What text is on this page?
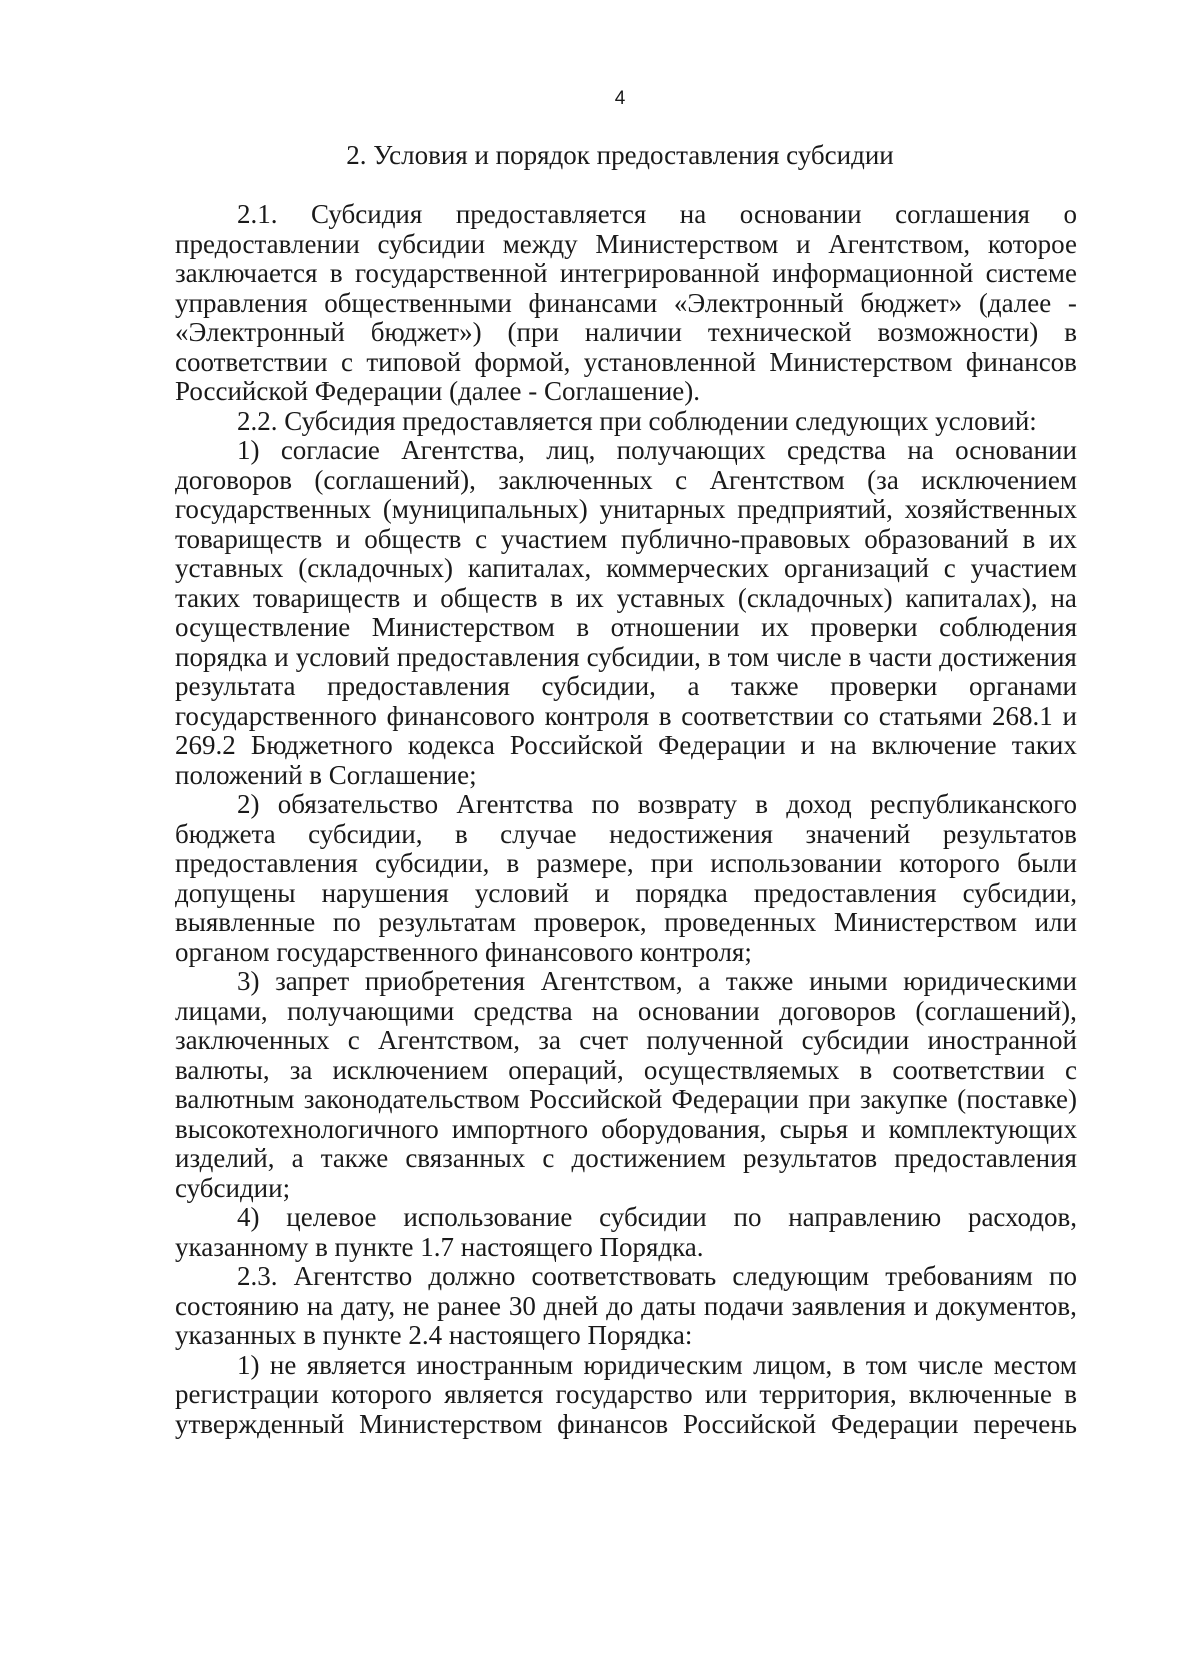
4
2. Условия и порядок предоставления субсидии
2.1. Субсидия предоставляется на основании соглашения о
предоставлении субсидии между Министерством и Агентством, которое
заключается в государственной интегрированной информационной системе
управления общественными финансами «Электронный бюджет» (далее -
«Электронный бюджет») (при наличии технической возможности) в
соответствии с типовой формой, установленной Министерством финансов
Российской Федерации (далее - Соглашение).
2.2. Субсидия предоставляется при соблюдении следующих условий:
1) согласие Агентства, лиц, получающих средства на основании
договоров (соглашений), заключенных с Агентством (за исключением
государственных (муниципальных) унитарных предприятий, хозяйственных
товариществ и обществ с участием публично-правовых образований в их
уставных (складочных) капиталах, коммерческих организаций с участием
таких товариществ и обществ в их уставных (складочных) капиталах), на
осуществление Министерством в отношении их проверки соблюдения
порядка и условий предоставления субсидии, в том числе в части достижения
результата предоставления субсидии, а также проверки органами
государственного финансового контроля в соответствии со статьями 268.1 и
269.2 Бюджетного кодекса Российской Федерации и на включение таких
положений в Соглашение;
2) обязательство Агентства по возврату в доход республиканского
бюджета субсидии, в случае недостижения значений результатов
предоставления субсидии, в размере, при использовании которого были
допущены нарушения условий и порядка предоставления субсидии,
выявленные по результатам проверок, проведенных Министерством или
органом государственного финансового контроля;
3) запрет приобретения Агентством, а также иными юридическими
лицами, получающими средства на основании договоров (соглашений),
заключенных с Агентством, за счет полученной субсидии иностранной
валюты, за исключением операций, осуществляемых в соответствии с
валютным законодательством Российской Федерации при закупке (поставке)
высокотехнологичного импортного оборудования, сырья и комплектующих
изделий, а также связанных с достижением результатов предоставления
субсидии;
4) целевое использование субсидии по направлению расходов,
указанному в пункте 1.7 настоящего Порядка.
2.3. Агентство должно соответствовать следующим требованиям по
состоянию на дату, не ранее 30 дней до даты подачи заявления и документов,
указанных в пункте 2.4 настоящего Порядка:
1) не является иностранным юридическим лицом, в том числе местом
регистрации которого является государство или территория, включенные в
утвержденный Министерством финансов Российской Федерации перечень
